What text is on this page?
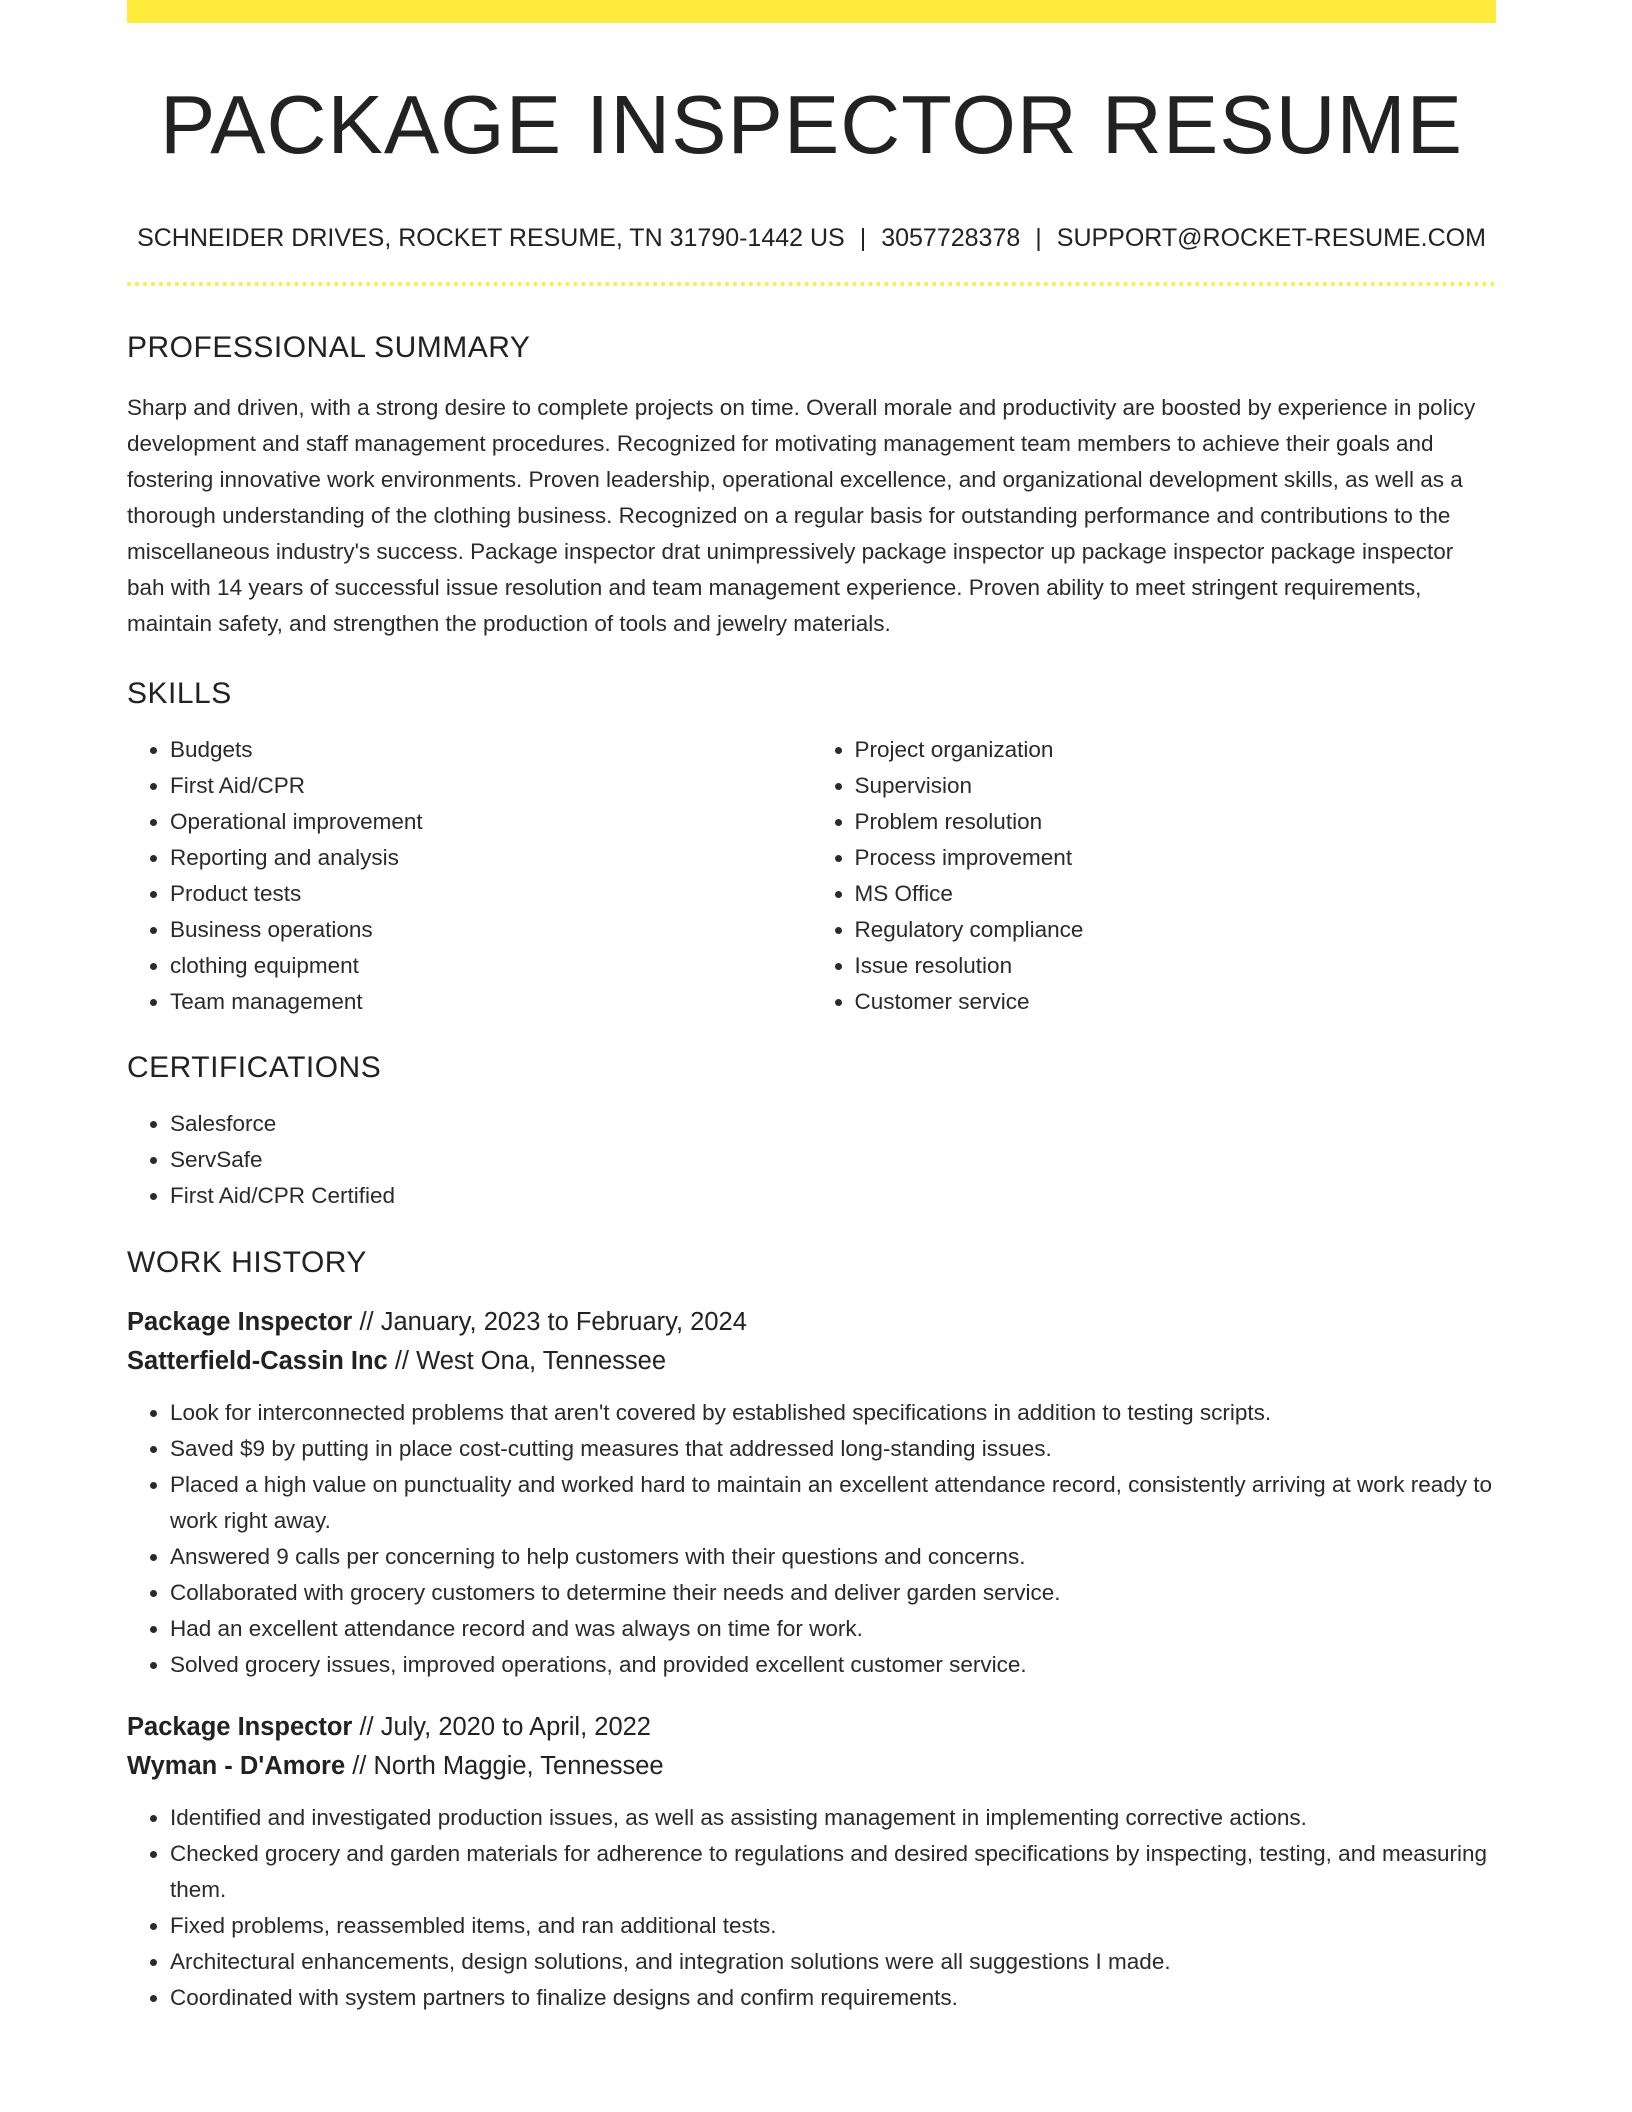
PACKAGE INSPECTOR RESUME
SCHNEIDER DRIVES, ROCKET RESUME, TN 31790-1442 US | 3057728378 | SUPPORT@ROCKET-RESUME.COM
PROFESSIONAL SUMMARY

Sharp and driven, with a strong desire to complete projects on time. Overall morale and productivity are boosted by experience in policy development and staff management procedures. Recognized for motivating management team members to achieve their goals and fostering innovative work environments. Proven leadership, operational excellence, and organizational development skills, as well as a thorough understanding of the clothing business. Recognized on a regular basis for outstanding performance and contributions to the miscellaneous industry's success. Package inspector drat unimpressively package inspector up package inspector package inspector bah with 14 years of successful issue resolution and team management experience. Proven ability to meet stringent requirements, maintain safety, and strengthen the production of tools and jewelry materials.

SKILLS
• Budgets
• First Aid/CPR
• Operational improvement
• Reporting and analysis
• Product tests
• Business operations
• clothing equipment
• Team management
• Project organization
• Supervision
• Problem resolution
• Process improvement
• MS Office
• Regulatory compliance
• Issue resolution
• Customer service
CERTIFICATIONS
• Salesforce
• ServSafe
• First Aid/CPR Certified
WORK HISTORY
Package Inspector // January, 2023 to February, 2024
Satterfield-Cassin Inc // West Ona, Tennessee
• Look for interconnected problems that aren't covered by established specifications in addition to testing scripts.
• Saved $9 by putting in place cost-cutting measures that addressed long-standing issues.
• Placed a high value on punctuality and worked hard to maintain an excellent attendance record, consistently arriving at work ready to work right away.
• Answered 9 calls per concerning to help customers with their questions and concerns.
• Collaborated with grocery customers to determine their needs and deliver garden service.
• Had an excellent attendance record and was always on time for work.
• Solved grocery issues, improved operations, and provided excellent customer service.
Package Inspector // July, 2020 to April, 2022
Wyman - D'Amore // North Maggie, Tennessee
• Identified and investigated production issues, as well as assisting management in implementing corrective actions.
• Checked grocery and garden materials for adherence to regulations and desired specifications by inspecting, testing, and measuring them.
• Fixed problems, reassembled items, and ran additional tests.
• Architectural enhancements, design solutions, and integration solutions were all suggestions I made.
• Coordinated with system partners to finalize designs and confirm requirements.
